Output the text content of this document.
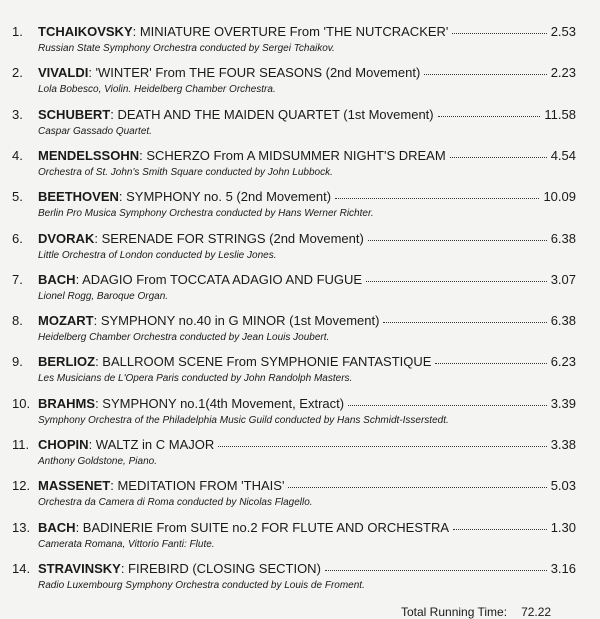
1. TCHAIKOVSKY : MINIATURE OVERTURE From 'THE NUTCRACKER'	2.53
Russian State Symphony Orchestra conducted by Sergei Tchaikov.
2. VIVALDI : 'WINTER' From THE FOUR SEASONS (2nd Movement)	2.23
Lola Bobesco, Violin. Heidelberg Chamber Orchestra.
3. SCHUBERT : DEATH AND THE MAIDEN QUARTET (1st Movement)	11.58
Caspar Gassado Quartet.
4. MENDELSSOHN : SCHERZO From A MIDSUMMER NIGHT'S DREAM	4.54
Orchestra of St. John's Smith Square conducted by John Lubbock.
5. BEETHOVEN : SYMPHONY no. 5 (2nd Movement)	10.09
Berlin Pro Musica Symphony Orchestra conducted by Hans Werner Richter.
6. DVORAK : SERENADE FOR STRINGS (2nd Movement)	6.38
Little Orchestra of London conducted by Leslie Jones.
7. BACH : ADAGIO From TOCCATA ADAGIO AND FUGUE	3.07
Lionel Rogg, Baroque Organ.
8. MOZART : SYMPHONY no.40 in G MINOR (1st Movement)	6.38
Heidelberg Chamber Orchestra conducted by Jean Louis Joubert.
9. BERLIOZ : BALLROOM SCENE From SYMPHONIE FANTASTIQUE	6.23
Les Musicians de L'Opera Paris conducted by John Randolph Masters.
10. BRAHMS : SYMPHONY no.1(4th Movement, Extract)	3.39
Symphony Orchestra of the Philadelphia Music Guild conducted by Hans Schmidt-Isserstedt.
11. CHOPIN : WALTZ in C MAJOR	3.38
Anthony Goldstone, Piano.
12. MASSENET : MEDITATION FROM 'THAIS'	5.03
Orchestra da Camera di Roma conducted by Nicolas Flagello.
13. BACH : BADINERIE From SUITE no.2 FOR FLUTE AND ORCHESTRA	1.30
Camerata Romana, Vittorio Fanti: Flute.
14. STRAVINSKY : FIREBIRD (CLOSING SECTION)	3.16
Radio Luxembourg Symphony Orchestra conducted by Louis de Froment.
Total Running Time: 72.22
